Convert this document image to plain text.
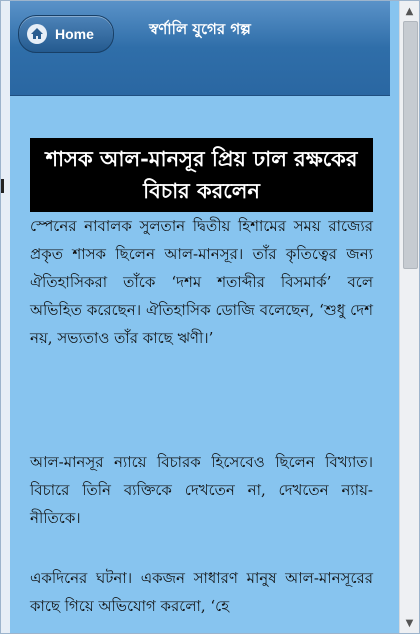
Home	স্বর্ণালি যুগের গল্প
শাসক আল-মানসূর প্রিয় ঢাল রক্ষকের বিচার করলেন

স্পেনের নাবালক সুলতান দ্বিতীয় হিশামের সময় রাজ্যের প্রকৃত শাসক ছিলেন আল-মানসূর। তাঁর কৃতিত্বের জন্য ঐতিহাসিকরা তাঁকে ‘দশম শতাব্দীর বিসমার্ক’ বলে অভিহিত করেছেন। ঐতিহাসিক ডোজি বলেছেন, ‘শুধু দেশ নয়, সভ্যতাও তাঁর কাছে ঋণী।’

আল-মানসূর ন্যায়ে বিচারক হিসেবেও ছিলেন বিখ্যাত। বিচারে তিনি ব্যক্তিকে দেখতেন না, দেখতেন ন্যায়-নীতিকে।

একদিনের ঘটনা। একজন সাধারণ মানুষ আল-মানসূরের কাছে গিয়ে অভিযোগ করলো, ‘হে

▲
▼
